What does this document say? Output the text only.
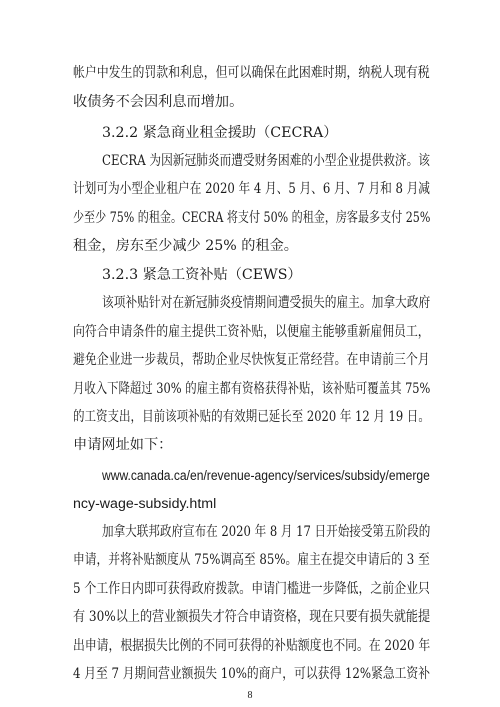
帐户中发生的罚款和利息，但可以确保在此困难时期，纳税人现有税
收债务不会因利息而增加。
3.2.2 紧急商业租金援助（CECRA）
CECRA 为因新冠肺炎而遭受财务困难的小型企业提供救济。该
计划可为小型企业租户在 2020 年 4 月、5 月、6 月、7 月和 8 月减
少至少 75% 的租金。CECRA 将支付 50% 的租金，房客最多支付 25%
租金，房东至少减少 25% 的租金。
3.2.3 紧急工资补贴（CEWS）
该项补贴针对在新冠肺炎疫情期间遭受损失的雇主。加拿大政府
向符合申请条件的雇主提供工资补贴，以便雇主能够重新雇佣员工，
避免企业进一步裁员，帮助企业尽快恢复正常经营。在申请前三个月
月收入下降超过 30% 的雇主都有资格获得补贴，该补贴可覆盖其 75%
的工资支出，目前该项补贴的有效期已延长至 2020 年 12 月 19 日。
申请网址如下：
www.canada.ca/en/revenue-agency/services/subsidy/emerge
ncy-wage-subsidy.html
加拿大联邦政府宣布在 2020 年 8 月 17 日开始接受第五阶段的
申请，并将补贴额度从 75%调高至 85%。雇主在提交申请后的 3 至
5 个工作日内即可获得政府拨款。申请门槛进一步降低，之前企业只
有 30%以上的营业额损失才符合申请资格，现在只要有损失就能提
出申请，根据损失比例的不同可获得的补贴额度也不同。在 2020 年
4 月至 7 月期间营业额损失 10%的商户，可以获得 12%紧急工资补
8
